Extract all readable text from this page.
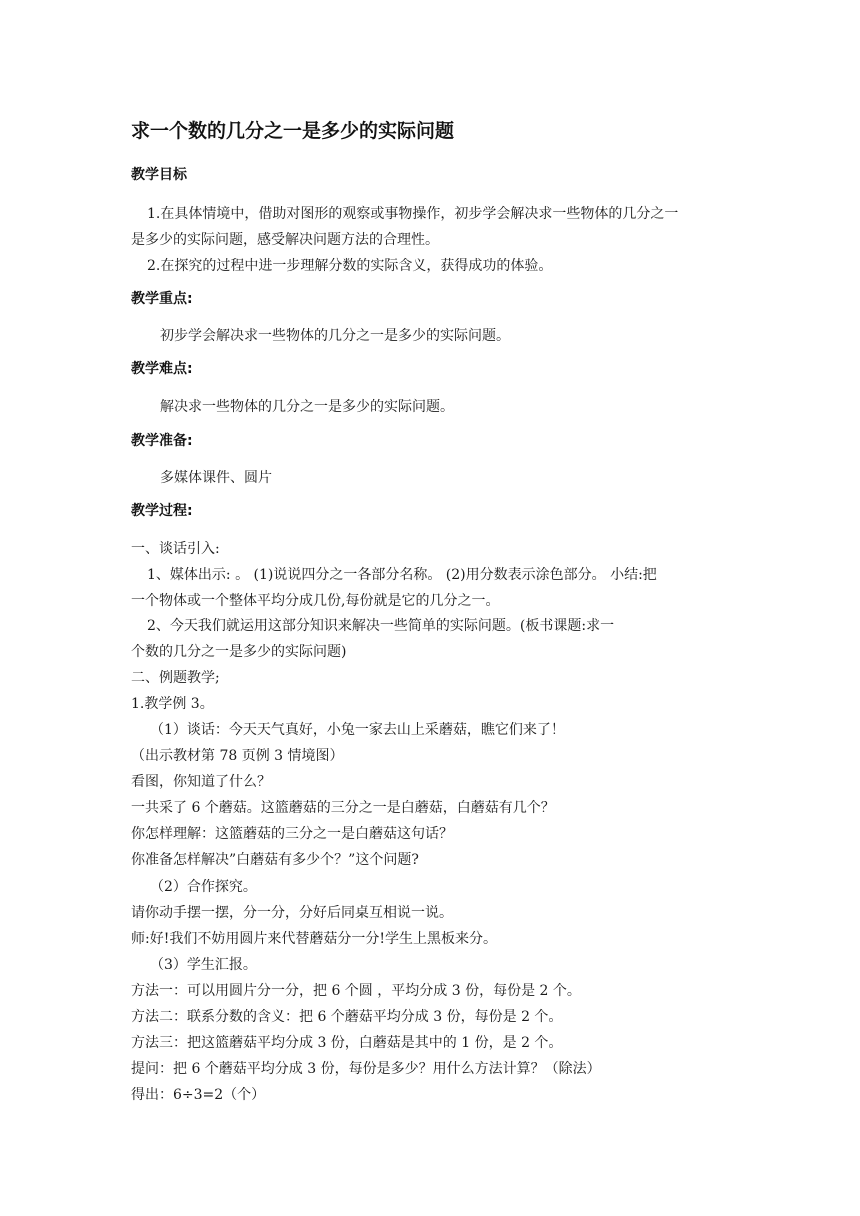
求一个数的几分之一是多少的实际问题
教学目标

1.在具体情境中，借助对图形的观察或事物操作，初步学会解决求一些物体的几分之一

是多少的实际问题，感受解决问题方法的合理性。

2.在探究的过程中进一步理解分数的实际含义，获得成功的体验。

教学重点:

初步学会解决求一些物体的几分之一是多少的实际问题。

教学难点:

解决求一些物体的几分之一是多少的实际问题。

教学准备:

多媒体课件、圆片

教学过程:

一、谈话引入:

1、媒体出示: 。 (1)说说四分之一各部分名称。 (2)用分数表示涂色部分。 小结:把

一个物体或一个整体平均分成几份,每份就是它的几分之一。

2、今天我们就运用这部分知识来解决一些简单的实际问题。(板书课题:求一

个数的几分之一是多少的实际问题)

二、例题教学;

1.教学例 3。

（1）谈话：今天天气真好，小兔一家去山上采蘑菇，瞧它们来了！

（出示教材第 78 页例 3 情境图）

看图，你知道了什么？

一共采了 6 个蘑菇。这篮蘑菇的三分之一是白蘑菇，白蘑菇有几个？

你怎样理解：这篮蘑菇的三分之一是白蘑菇这句话？

你准备怎样解决”白蘑菇有多少个？”这个问题?

（2）合作探究。

请你动手摆一摆，分一分，分好后同桌互相说一说。

师:好!我们不妨用圆片来代替蘑菇分一分!学生上黑板来分。

（3）学生汇报。

方法一：可以用圆片分一分，把 6 个圆 ，平均分成 3 份，每份是 2 个。

方法二：联系分数的含义：把 6 个蘑菇平均分成 3 份，每份是 2 个。

方法三：把这篮蘑菇平均分成 3 份，白蘑菇是其中的 1 份，是 2 个。

提问：把 6 个蘑菇平均分成 3 份，每份是多少？用什么方法计算？（除法）

得出：6÷3=2（个）
